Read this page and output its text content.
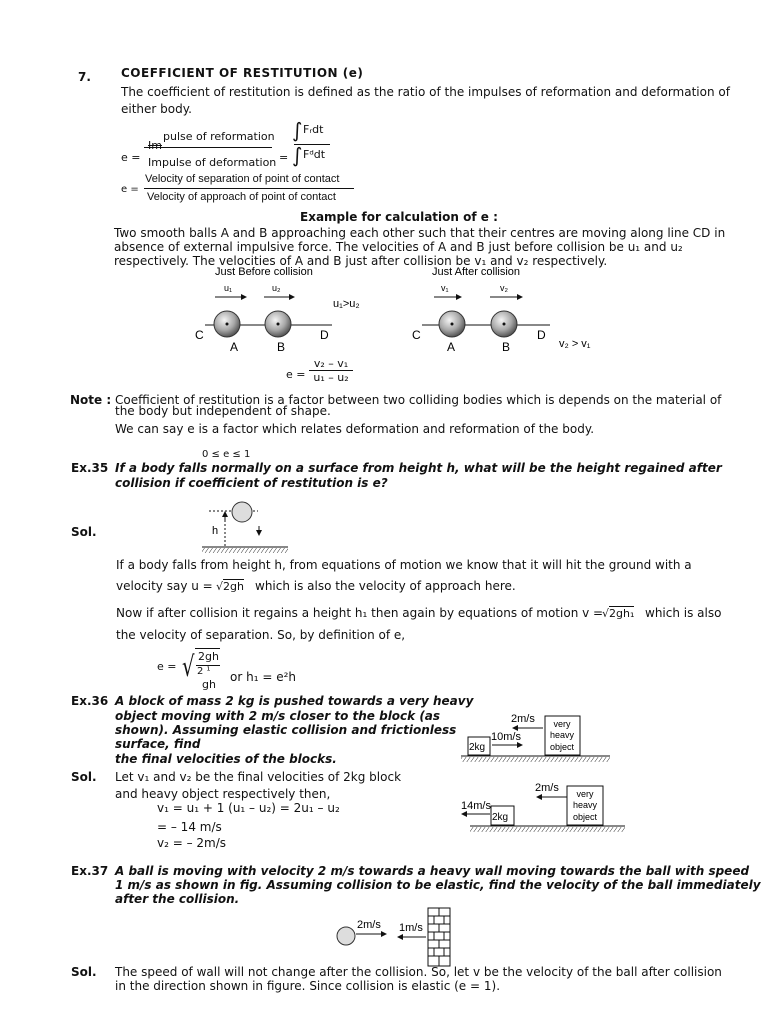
7.	COEFFICIENT OF RESTITUTION (e)
The coefficient of restitution is defined as the ratio of the impulses of reformation and deformation of
either body.
e =
Im
pulse of reformation
Impulse of deformation =
∫ Fᵣdt
∫ Fᵈdt
e =
Velocity of separation of point of contact
Velocity of approach of point of contact
Example for calculation of e :
Two smooth balls A and B approaching each other such that their centres are moving along line CD in
absence of external impulsive force. The velocities of A and B just before collision be u₁ and u₂
respectively. The velocities of A and B just after collision be v₁ and v₂ respectively.
Just Before collision
u₁	u₂
u₁>u₂
C	D
A	B
Just After collision
v₁	v₂
C	D
A	B	v₂ > v₁
$e = \frac{\text{v₂ – v₁}}{\text{u₁ – u₂}}$
Note : Coefficient of restitution is a factor between two colliding bodies which is depends on the material of
the body but independent of shape.
We can say e is a factor which relates deformation and reformation of the body.
0 ≤ e ≤ 1
Ex.35 If a body falls normally on a surface from height h, what will be the height regained after
collision if coefficient of restitution is e?
Sol.	h
If a body falls from height h, from equations of motion we know that it will hit the ground with a
velocity say u = √2gh which is also the velocity of approach here.
Now if after collision it regains a height h₁ then again by equations of motion v =
√2gh₁ which is also
the velocity of separation. So, by definition of e,
e = √ 2gh
2 ¹
gh
or h₁ = e²h
Ex.36 A block of mass 2 kg is pushed towards a very heavy
object moving with 2 m/s closer to the block (as
shown). Assuming elastic collision and frictionless
surface, find
the final velocities of the blocks.
Sol. Let v₁ and v₂ be the final velocities of 2kg block
and heavy object respectively then,
v₁ = u₁ + 1 (u₁ – u₂) = 2u₁ – u₂
= – 14 m/s
v₂ = – 2m/s
2m/s very
heavy
object
10m/s
2kg
2m/s very
heavy
object
14m/s
2kg
Ex.37 A ball is moving with velocity 2 m/s towards a heavy wall moving towards the ball with speed
1 m/s as shown in fig. Assuming collision to be elastic, find the velocity of the ball immediately
after the collision.
2m/s 1m/s
Sol. The speed of wall will not change after the collision. So, let v be the velocity of the ball after collision
in the direction shown in figure. Since collision is elastic (e = 1).
